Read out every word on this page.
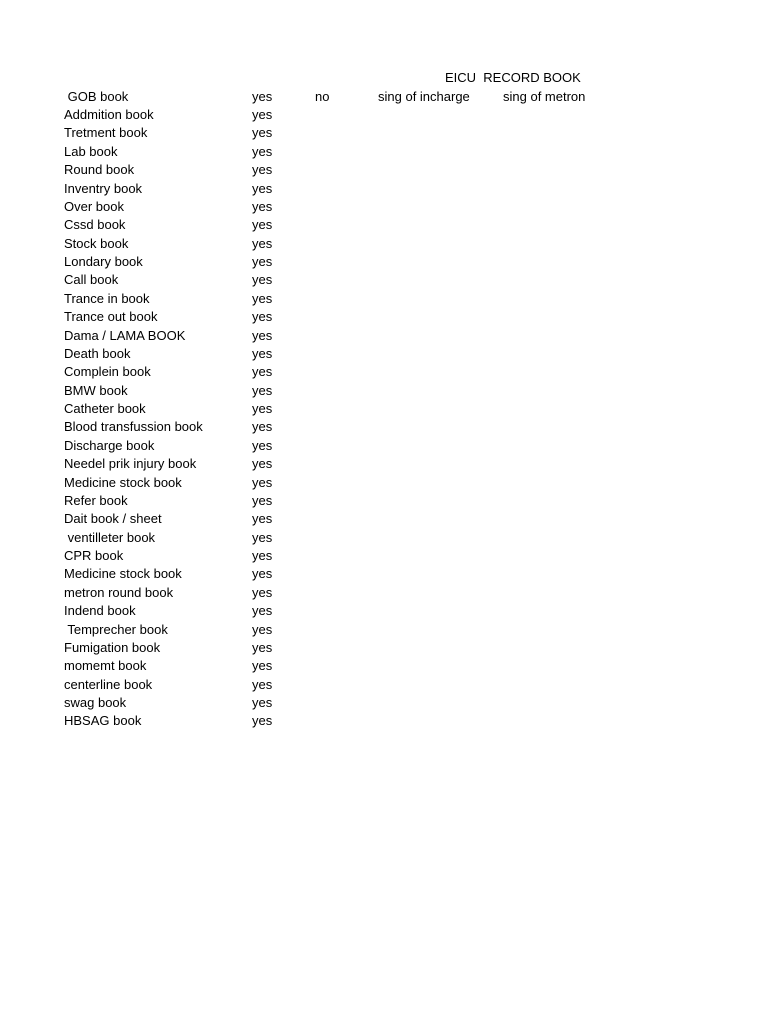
EICU  RECORD BOOK
GOB book	yes	no	sing of incharge	sing of metron
Addmition book	yes
Tretment book	yes
Lab book	yes
Round book	yes
Inventry book	yes
Over book	yes
Cssd book	yes
Stock book	yes
Londary book	yes
Call book	yes
Trance in book	yes
Trance out book	yes
Dama / LAMA BOOK	yes
Death book	yes
Complein book	yes
BMW book	yes
Catheter book	yes
Blood transfussion book	yes
Discharge book	yes
Needel prik injury book	yes
Medicine stock book	yes
Refer book	yes
Dait book / sheet	yes
ventilleter book	yes
CPR book	yes
Medicine stock book	yes
metron round book	yes
Indend book	yes
Temprecher book	yes
Fumigation book	yes
momemt book	yes
centerline book	yes
swag book	yes
HBSAG book	yes
